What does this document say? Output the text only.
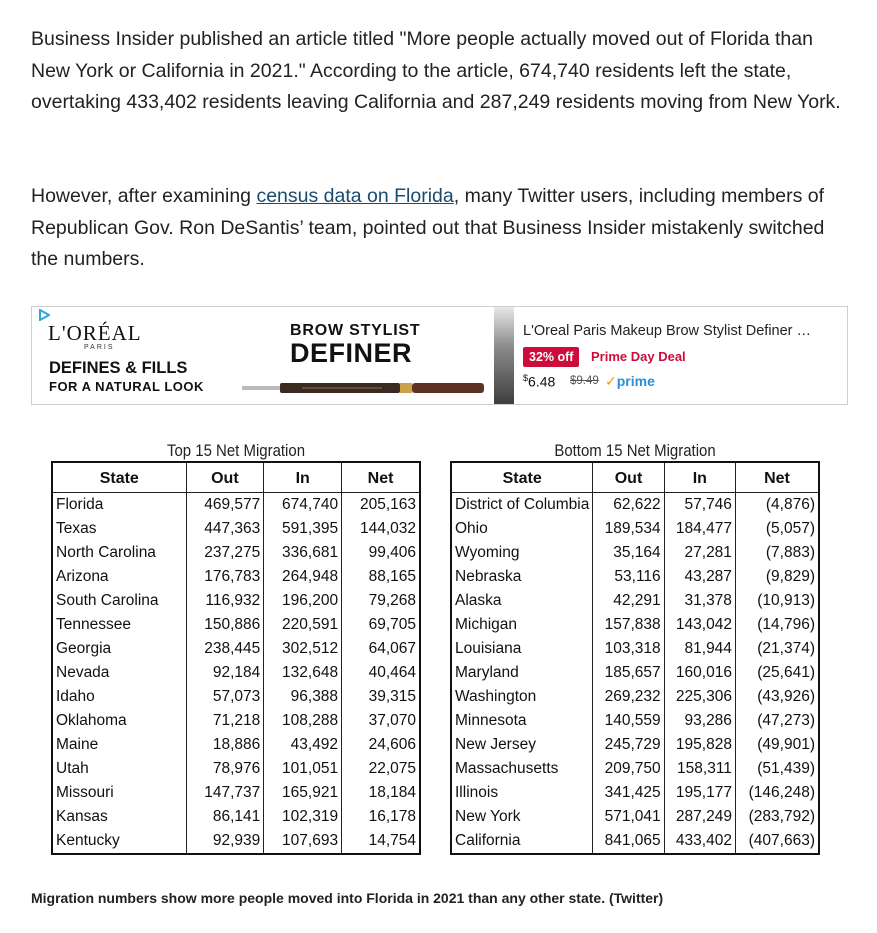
Business Insider published an article titled "More people actually moved out of Florida than New York or California in 2021." According to the article, 674,740 residents left the state, overtaking 433,402 residents leaving California and 287,249 residents moving from New York.

However, after examining census data on Florida, many Twitter users, including members of Republican Gov. Ron DeSantis’ team, pointed out that Business Insider mistakenly switched the numbers.

L'ORÉAL
PARIS
DEFINES & FILLS
FOR A NATURAL LOOK
BROW STYLIST
DEFINER
L'Oreal Paris Makeup Brow Stylist Definer …
32% off	Prime Day Deal
$6.48 $9.49 ✓prime
Top 15 Net Migration
State	Out	In	Net
Florida	469,577	674,740	205,163
Texas	447,363	591,395	144,032
North Carolina	237,275	336,681	99,406
Arizona	176,783	264,948	88,165
South Carolina	116,932	196,200	79,268
Tennessee	150,886	220,591	69,705
Georgia	238,445	302,512	64,067
Nevada	92,184	132,648	40,464
Idaho	57,073	96,388	39,315
Oklahoma	71,218	108,288	37,070
Maine	18,886	43,492	24,606
Utah	78,976	101,051	22,075
Missouri	147,737	165,921	18,184
Kansas	86,141	102,319	16,178
Kentucky	92,939	107,693	14,754
Bottom 15 Net Migration
State	Out	In	Net
District of Columbia	62,622	57,746	(4,876)
Ohio	189,534	184,477	(5,057)
Wyoming	35,164	27,281	(7,883)
Nebraska	53,116	43,287	(9,829)
Alaska	42,291	31,378	(10,913)
Michigan	157,838	143,042	(14,796)
Louisiana	103,318	81,944	(21,374)
Maryland	185,657	160,016	(25,641)
Washington	269,232	225,306	(43,926)
Minnesota	140,559	93,286	(47,273)
New Jersey	245,729	195,828	(49,901)
Massachusetts	209,750	158,311	(51,439)
Illinois	341,425	195,177	(146,248)
New York	571,041	287,249	(283,792)
California	841,065	433,402	(407,663)
Migration numbers show more people moved into Florida in 2021 than any other state. (Twitter)
